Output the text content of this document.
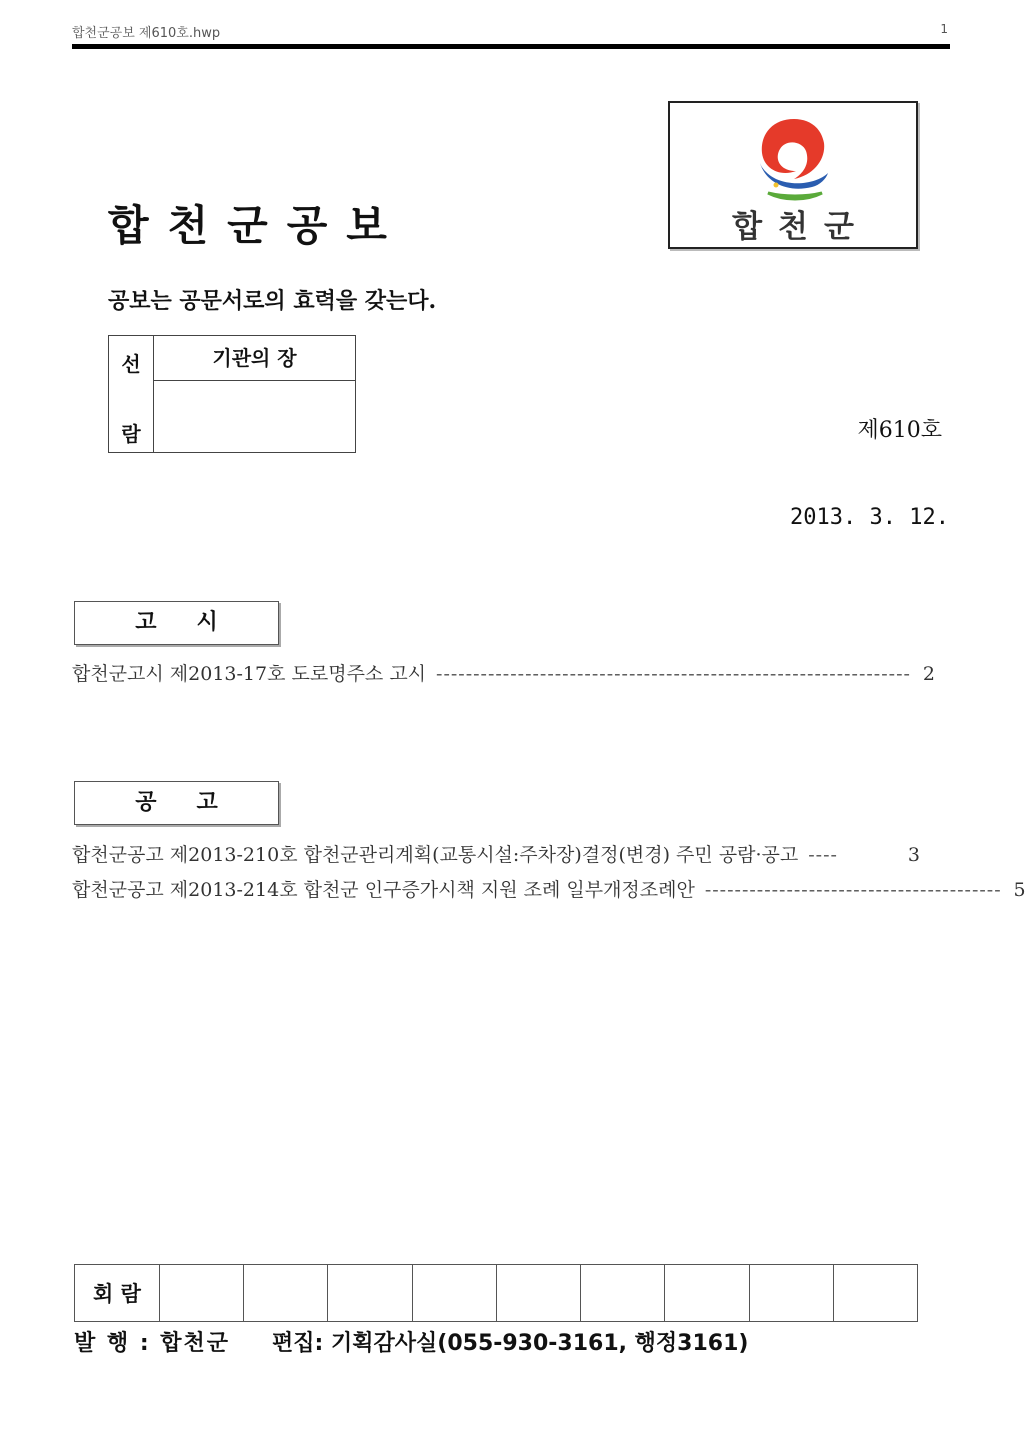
합천군공보 제610호.hwp	1
합천군공보	합천군
공보는 공문서로의 효력을 갖는다.
선
람
기관의 장
제610호
2013. 3. 12.
고시
합천군고시 제2013-17호 도로명주소 고시 ---------------------------------------------------------------- 2
공고
합천군공고 제2013-210호 합천군관리계획(교통시설:주차장)결정(변경) 주민 공람·공고 ----	3
합천군공고 제2013-214호 합천군 인구증가시책 지원 조례 일부개정조례안 ---------------------------------------- 5
회 람									
발 행 : 합천군 편집: 기획감사실(055-930-3161, 행정3161)
